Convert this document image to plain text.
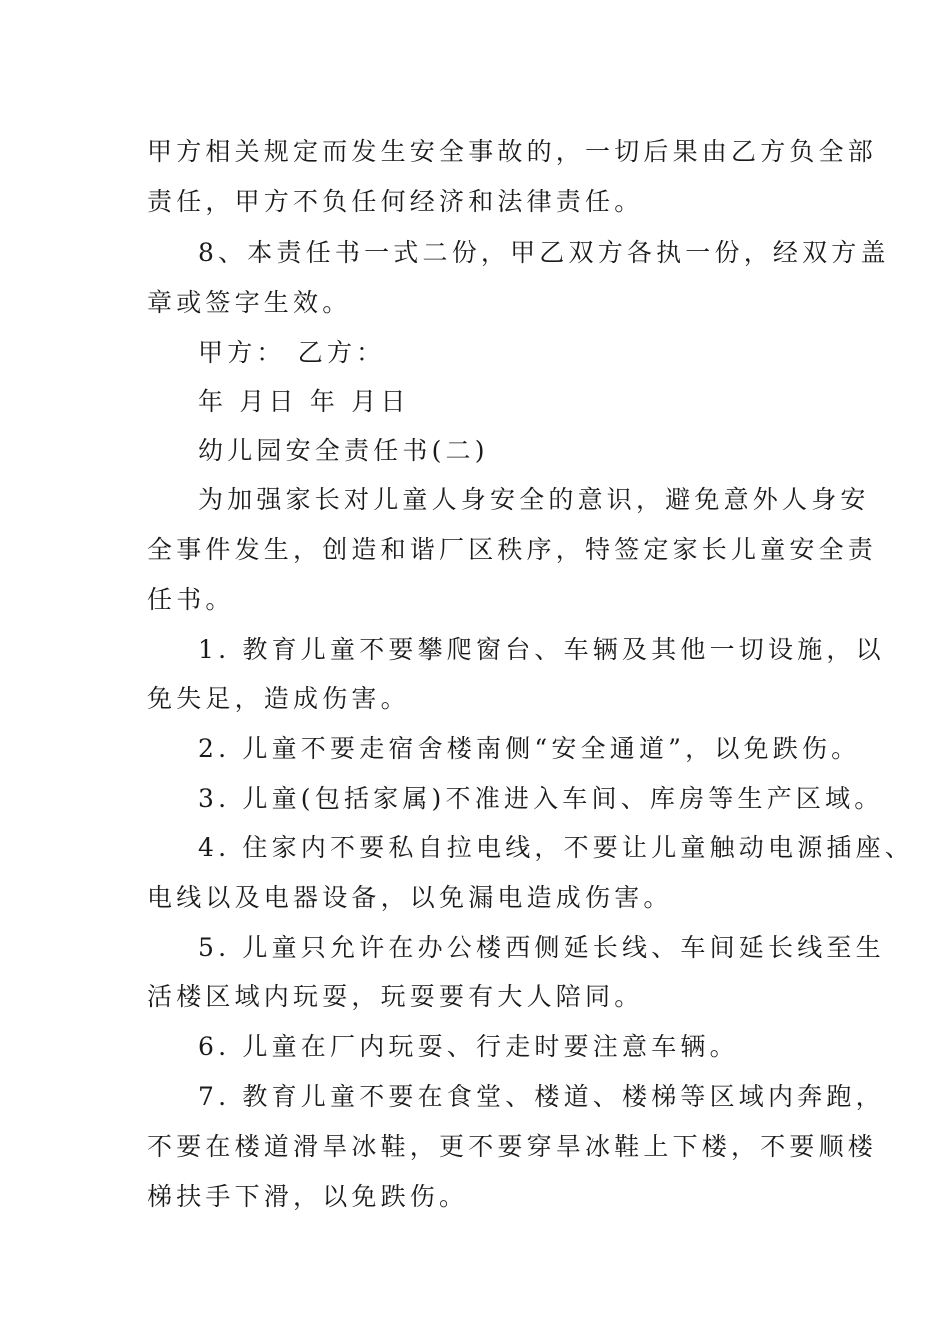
甲方相关规定而发生安全事故的，一切后果由乙方负全部
责任，甲方不负任何经济和法律责任。
8、本责任书一式二份，甲乙双方各执一份，经双方盖
章或签字生效。
甲方： 乙方：
年 月日 年 月日
幼儿园安全责任书(二)
为加强家长对儿童人身安全的意识，避免意外人身安
全事件发生，创造和谐厂区秩序，特签定家长儿童安全责
任书。
1. 教育儿童不要攀爬窗台、车辆及其他一切设施，以
免失足，造成伤害。
2. 儿童不要走宿舍楼南侧“安全通道”，以免跌伤。
3. 儿童(包括家属)不准进入车间、库房等生产区域。
4. 住家内不要私自拉电线，不要让儿童触动电源插座、
电线以及电器设备，以免漏电造成伤害。
5. 儿童只允许在办公楼西侧延长线、车间延长线至生
活楼区域内玩耍，玩耍要有大人陪同。
6. 儿童在厂内玩耍、行走时要注意车辆。
7. 教育儿童不要在食堂、楼道、楼梯等区域内奔跑，
不要在楼道滑旱冰鞋，更不要穿旱冰鞋上下楼，不要顺楼
梯扶手下滑，以免跌伤。
